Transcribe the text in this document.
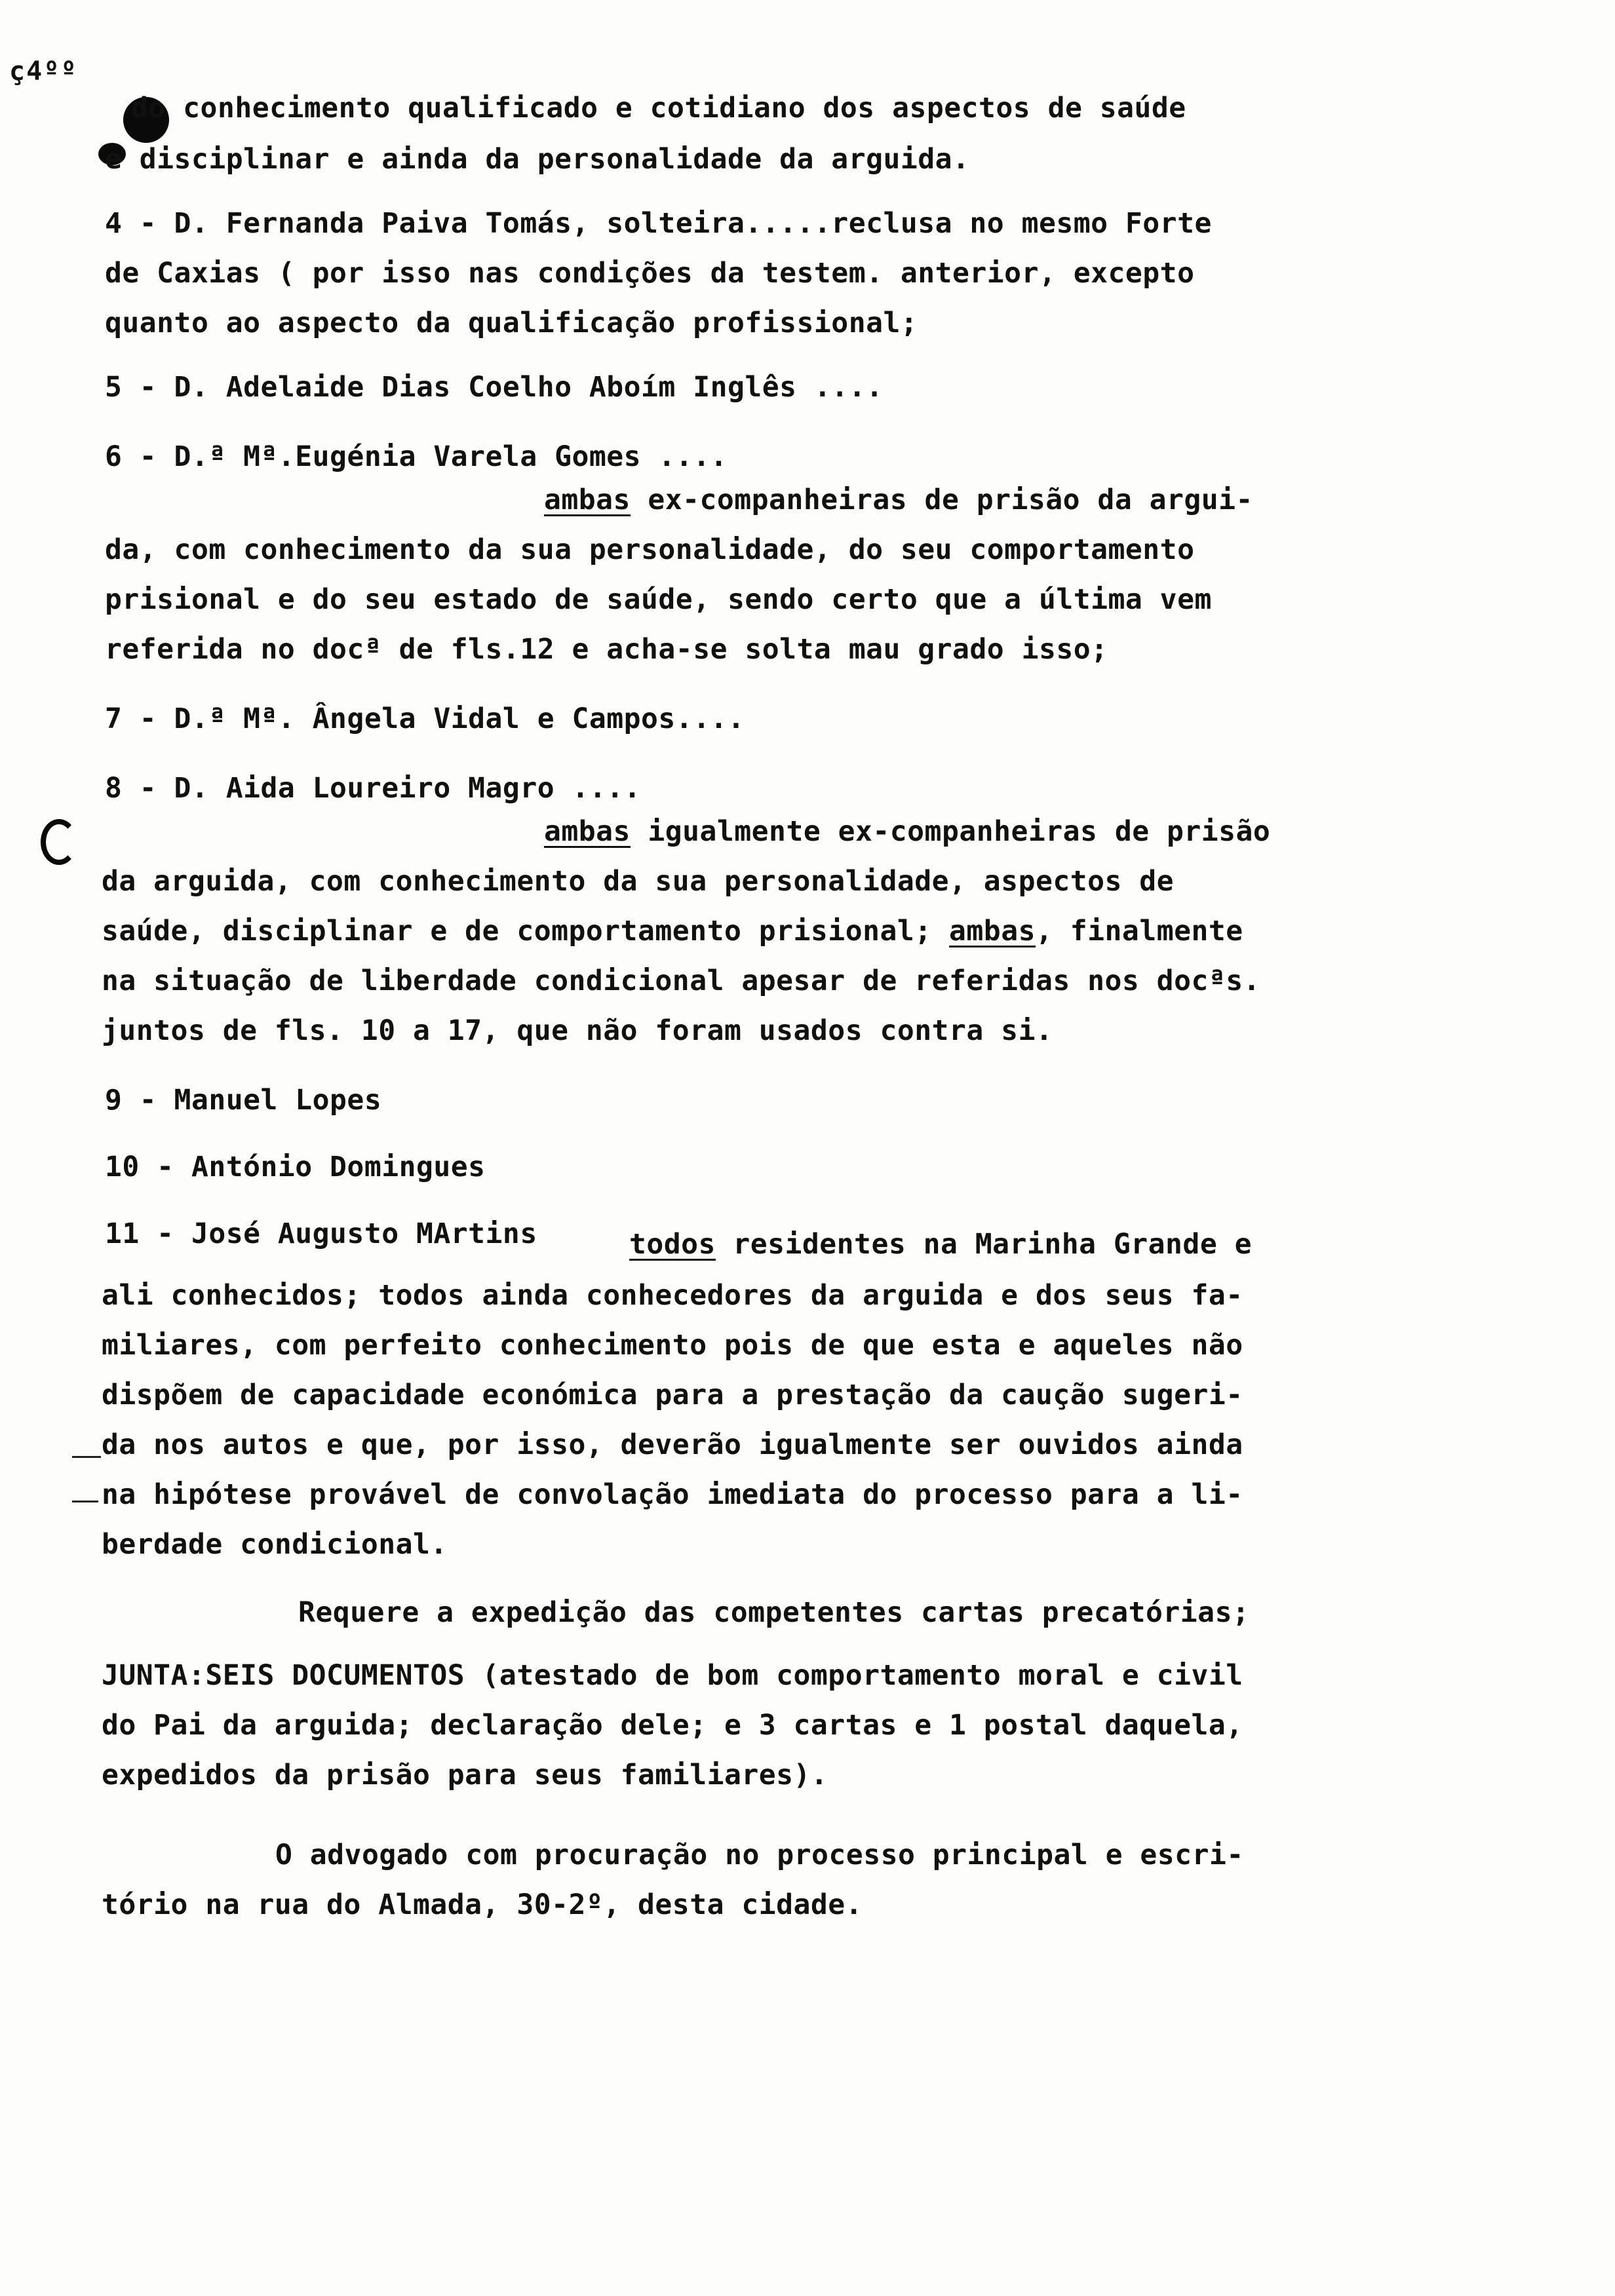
ç4ºº
do conhecimento qualificado e cotidiano dos aspectos de saúde
e disciplinar e ainda da personalidade da arguida.
4 - D. Fernanda Paiva Tomás, solteira.....reclusa no mesmo Forte
de Caxias ( por isso nas condições da testem. anterior, excepto
quanto ao aspecto da qualificação profissional;
5 - D. Adelaide Dias Coelho Aboím Inglês ....
6 - D.ª Mª.Eugénia Varela Gomes ....
ambas ex-companheiras de prisão da argui-
da, com conhecimento da sua personalidade, do seu comportamento
prisional e do seu estado de saúde, sendo certo que a última vem
referida no docª de fls.12 e acha-se solta mau grado isso;
7 - D.ª Mª. Ângela Vidal e Campos....
8 - D. Aida Loureiro Magro ....
ambas igualmente ex-companheiras de prisão
da arguida, com conhecimento da sua personalidade, aspectos de
saúde, disciplinar e de comportamento prisional; ambas, finalmente
na situação de liberdade condicional apesar de referidas nos docªs.
juntos de fls. 10 a 17, que não foram usados contra si.
9 - Manuel Lopes
10 - António Domingues
11 - José Augusto MArtins	todos residentes na Marinha Grande e
ali conhecidos; todos ainda conhecedores da arguida e dos seus fa-
miliares, com perfeito conhecimento pois de que esta e aqueles não
dispõem de capacidade económica para a prestação da caução sugeri-
da nos autos e que, por isso, deverão igualmente ser ouvidos ainda
na hipótese provável de convolação imediata do processo para a li-
berdade condicional.
Requere a expedição das competentes cartas precatórias;
JUNTA:SEIS DOCUMENTOS (atestado de bom comportamento moral e civil
do Pai da arguida; declaração dele; e 3 cartas e 1 postal daquela,
expedidos da prisão para seus familiares).
O advogado com procuração no processo principal e escri-
tório na rua do Almada, 30-2º, desta cidade.
